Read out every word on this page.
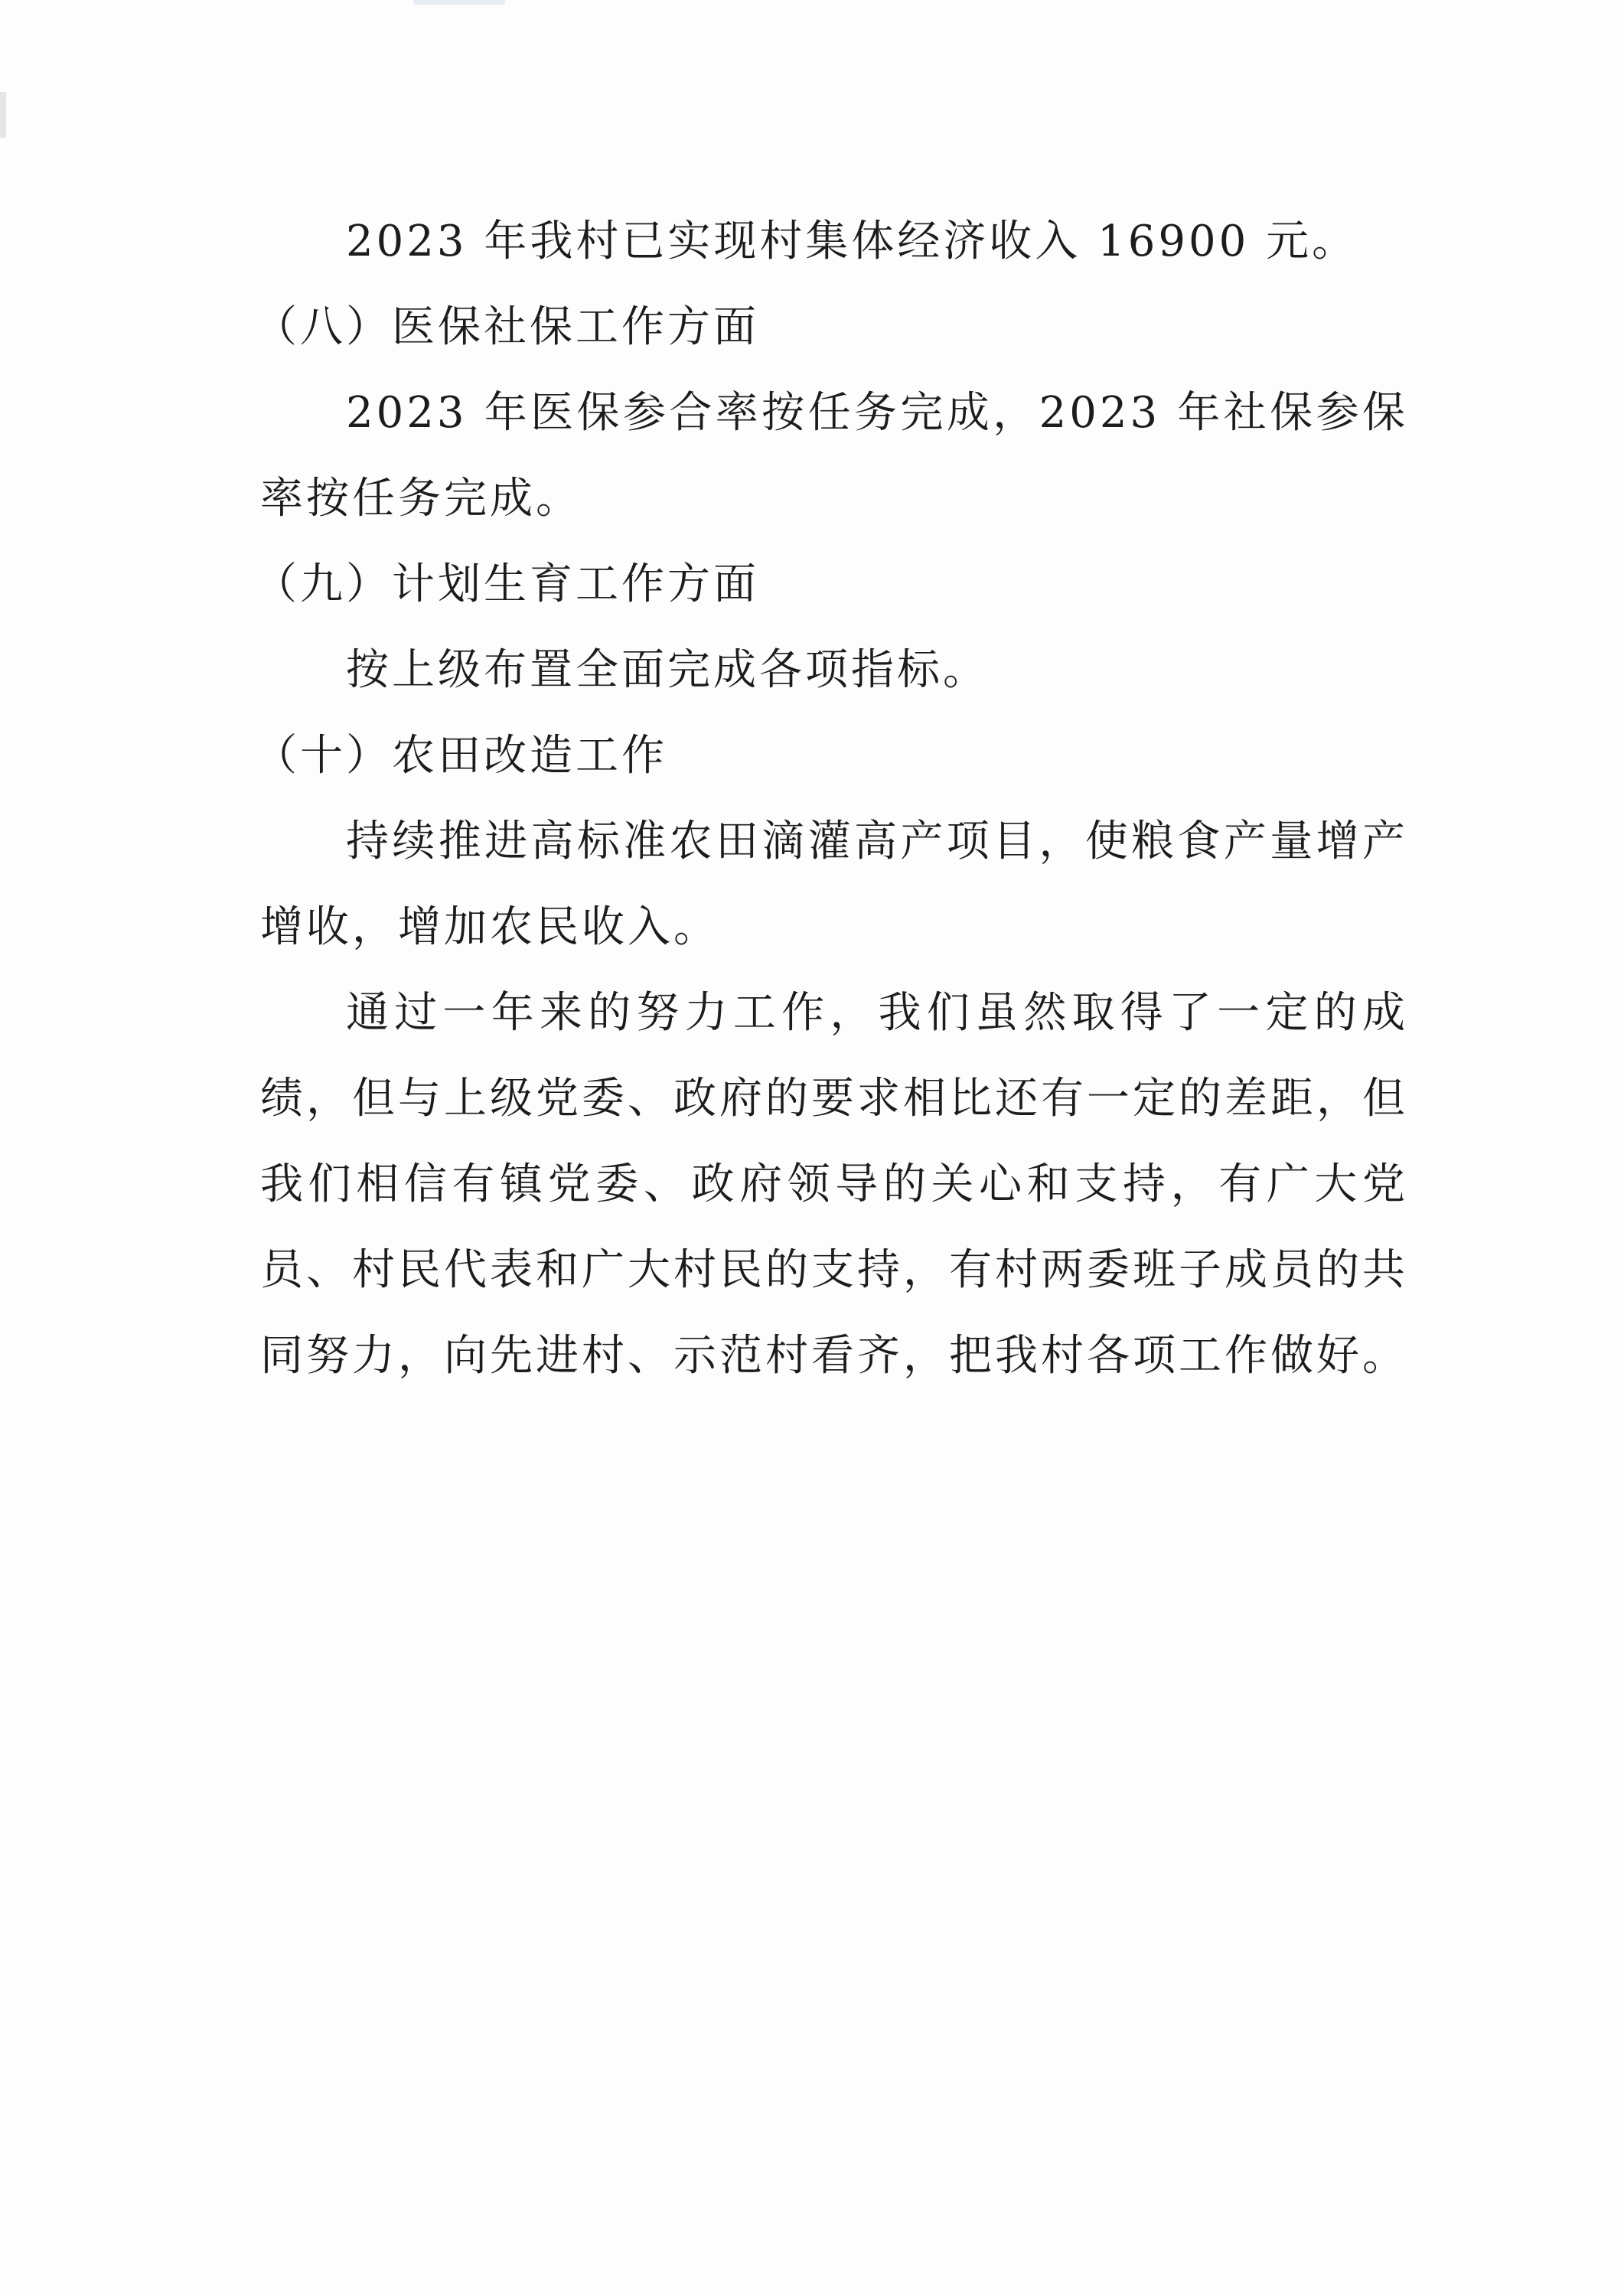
2023 年我村已实现村集体经济收入 16900 元。

（八）医保社保工作方面

2023 年医保参合率按任务完成，2023 年社保参保率按任务完成。

（九）计划生育工作方面

按上级布置全面完成各项指标。

（十）农田改造工作

持续推进高标准农田滴灌高产项目，使粮食产量增产增收，增加农民收入。

通过一年来的努力工作，我们虽然取得了一定的成绩，但与上级党委、政府的要求相比还有一定的差距，但我们相信有镇党委、政府领导的关心和支持，有广大党员、村民代表和广大村民的支持，有村两委班子成员的共同努力，向先进村、示范村看齐，把我村各项工作做好。
